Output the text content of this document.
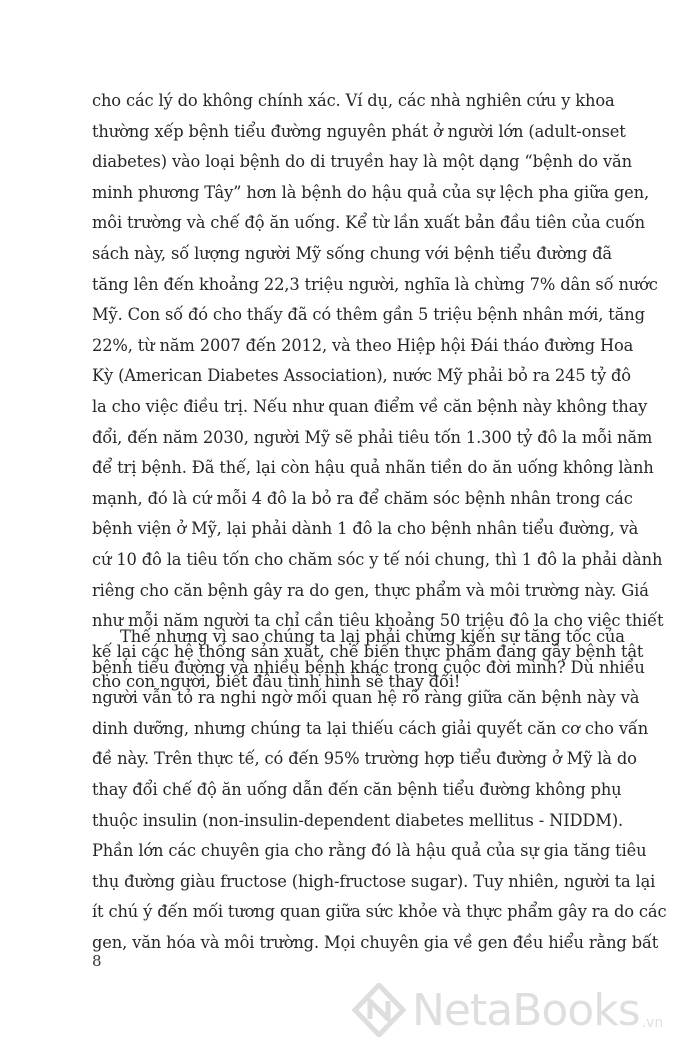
cho các lý do không chính xác. Ví dụ, các nhà nghiên cứu y khoa
thường xếp bệnh tiểu đường nguyên phát ở người lớn (adult-onset
diabetes) vào loại bệnh do di truyền hay là một dạng “bệnh do văn
minh phương Tây” hơn là bệnh do hậu quả của sự lệch pha giữa gen,
môi trường và chế độ ăn uống. Kể từ lần xuất bản đầu tiên của cuốn
sách này, số lượng người Mỹ sống chung với bệnh tiểu đường đã
tăng lên đến khoảng 22,3 triệu người, nghĩa là chừng 7% dân số nước
Mỹ. Con số đó cho thấy đã có thêm gần 5 triệu bệnh nhân mới, tăng
22%, từ năm 2007 đến 2012, và theo Hiệp hội Đái tháo đường Hoa
Kỳ (American Diabetes Association), nước Mỹ phải bỏ ra 245 tỷ đô
la cho việc điều trị. Nếu như quan điểm về căn bệnh này không thay
đổi, đến năm 2030, người Mỹ sẽ phải tiêu tốn 1.300 tỷ đô la mỗi năm
để trị bệnh. Đã thế, lại còn hậu quả nhãn tiền do ăn uống không lành
mạnh, đó là cứ mỗi 4 đô la bỏ ra để chăm sóc bệnh nhân trong các
bệnh viện ở Mỹ, lại phải dành 1 đô la cho bệnh nhân tiểu đường, và
cứ 10 đô la tiêu tốn cho chăm sóc y tế nói chung, thì 1 đô la phải dành
riêng cho căn bệnh gây ra do gen, thực phẩm và môi trường này. Giá
như mỗi năm người ta chỉ cần tiêu khoảng 50 triệu đô la cho việc thiết
kế lại các hệ thống sản xuất, chế biến thực phẩm đang gây bệnh tật
cho con người, biết đâu tình hình sẽ thay đổi!
Thế nhưng vì sao chúng ta lại phải chứng kiến sự tăng tốc của
bệnh tiểu đường và nhiều bệnh khác trong cuộc đời mình? Dù nhiều
người vẫn tỏ ra nghi ngờ mối quan hệ rõ ràng giữa căn bệnh này và
dinh dưỡng, nhưng chúng ta lại thiếu cách giải quyết căn cơ cho vấn
đề này. Trên thực tế, có đến 95% trường hợp tiểu đường ở Mỹ là do
thay đổi chế độ ăn uống dẫn đến căn bệnh tiểu đường không phụ
thuộc insulin (non-insulin-dependent diabetes mellitus - NIDDM).
Phần lớn các chuyên gia cho rằng đó là hậu quả của sự gia tăng tiêu
thụ đường giàu fructose (high-fructose sugar). Tuy nhiên, người ta lại
ít chú ý đến mối tương quan giữa sức khỏe và thực phẩm gây ra do các
gen, văn hóa và môi trường. Mọi chuyên gia về gen đều hiểu rằng bất
8
NetaBooks .vn
